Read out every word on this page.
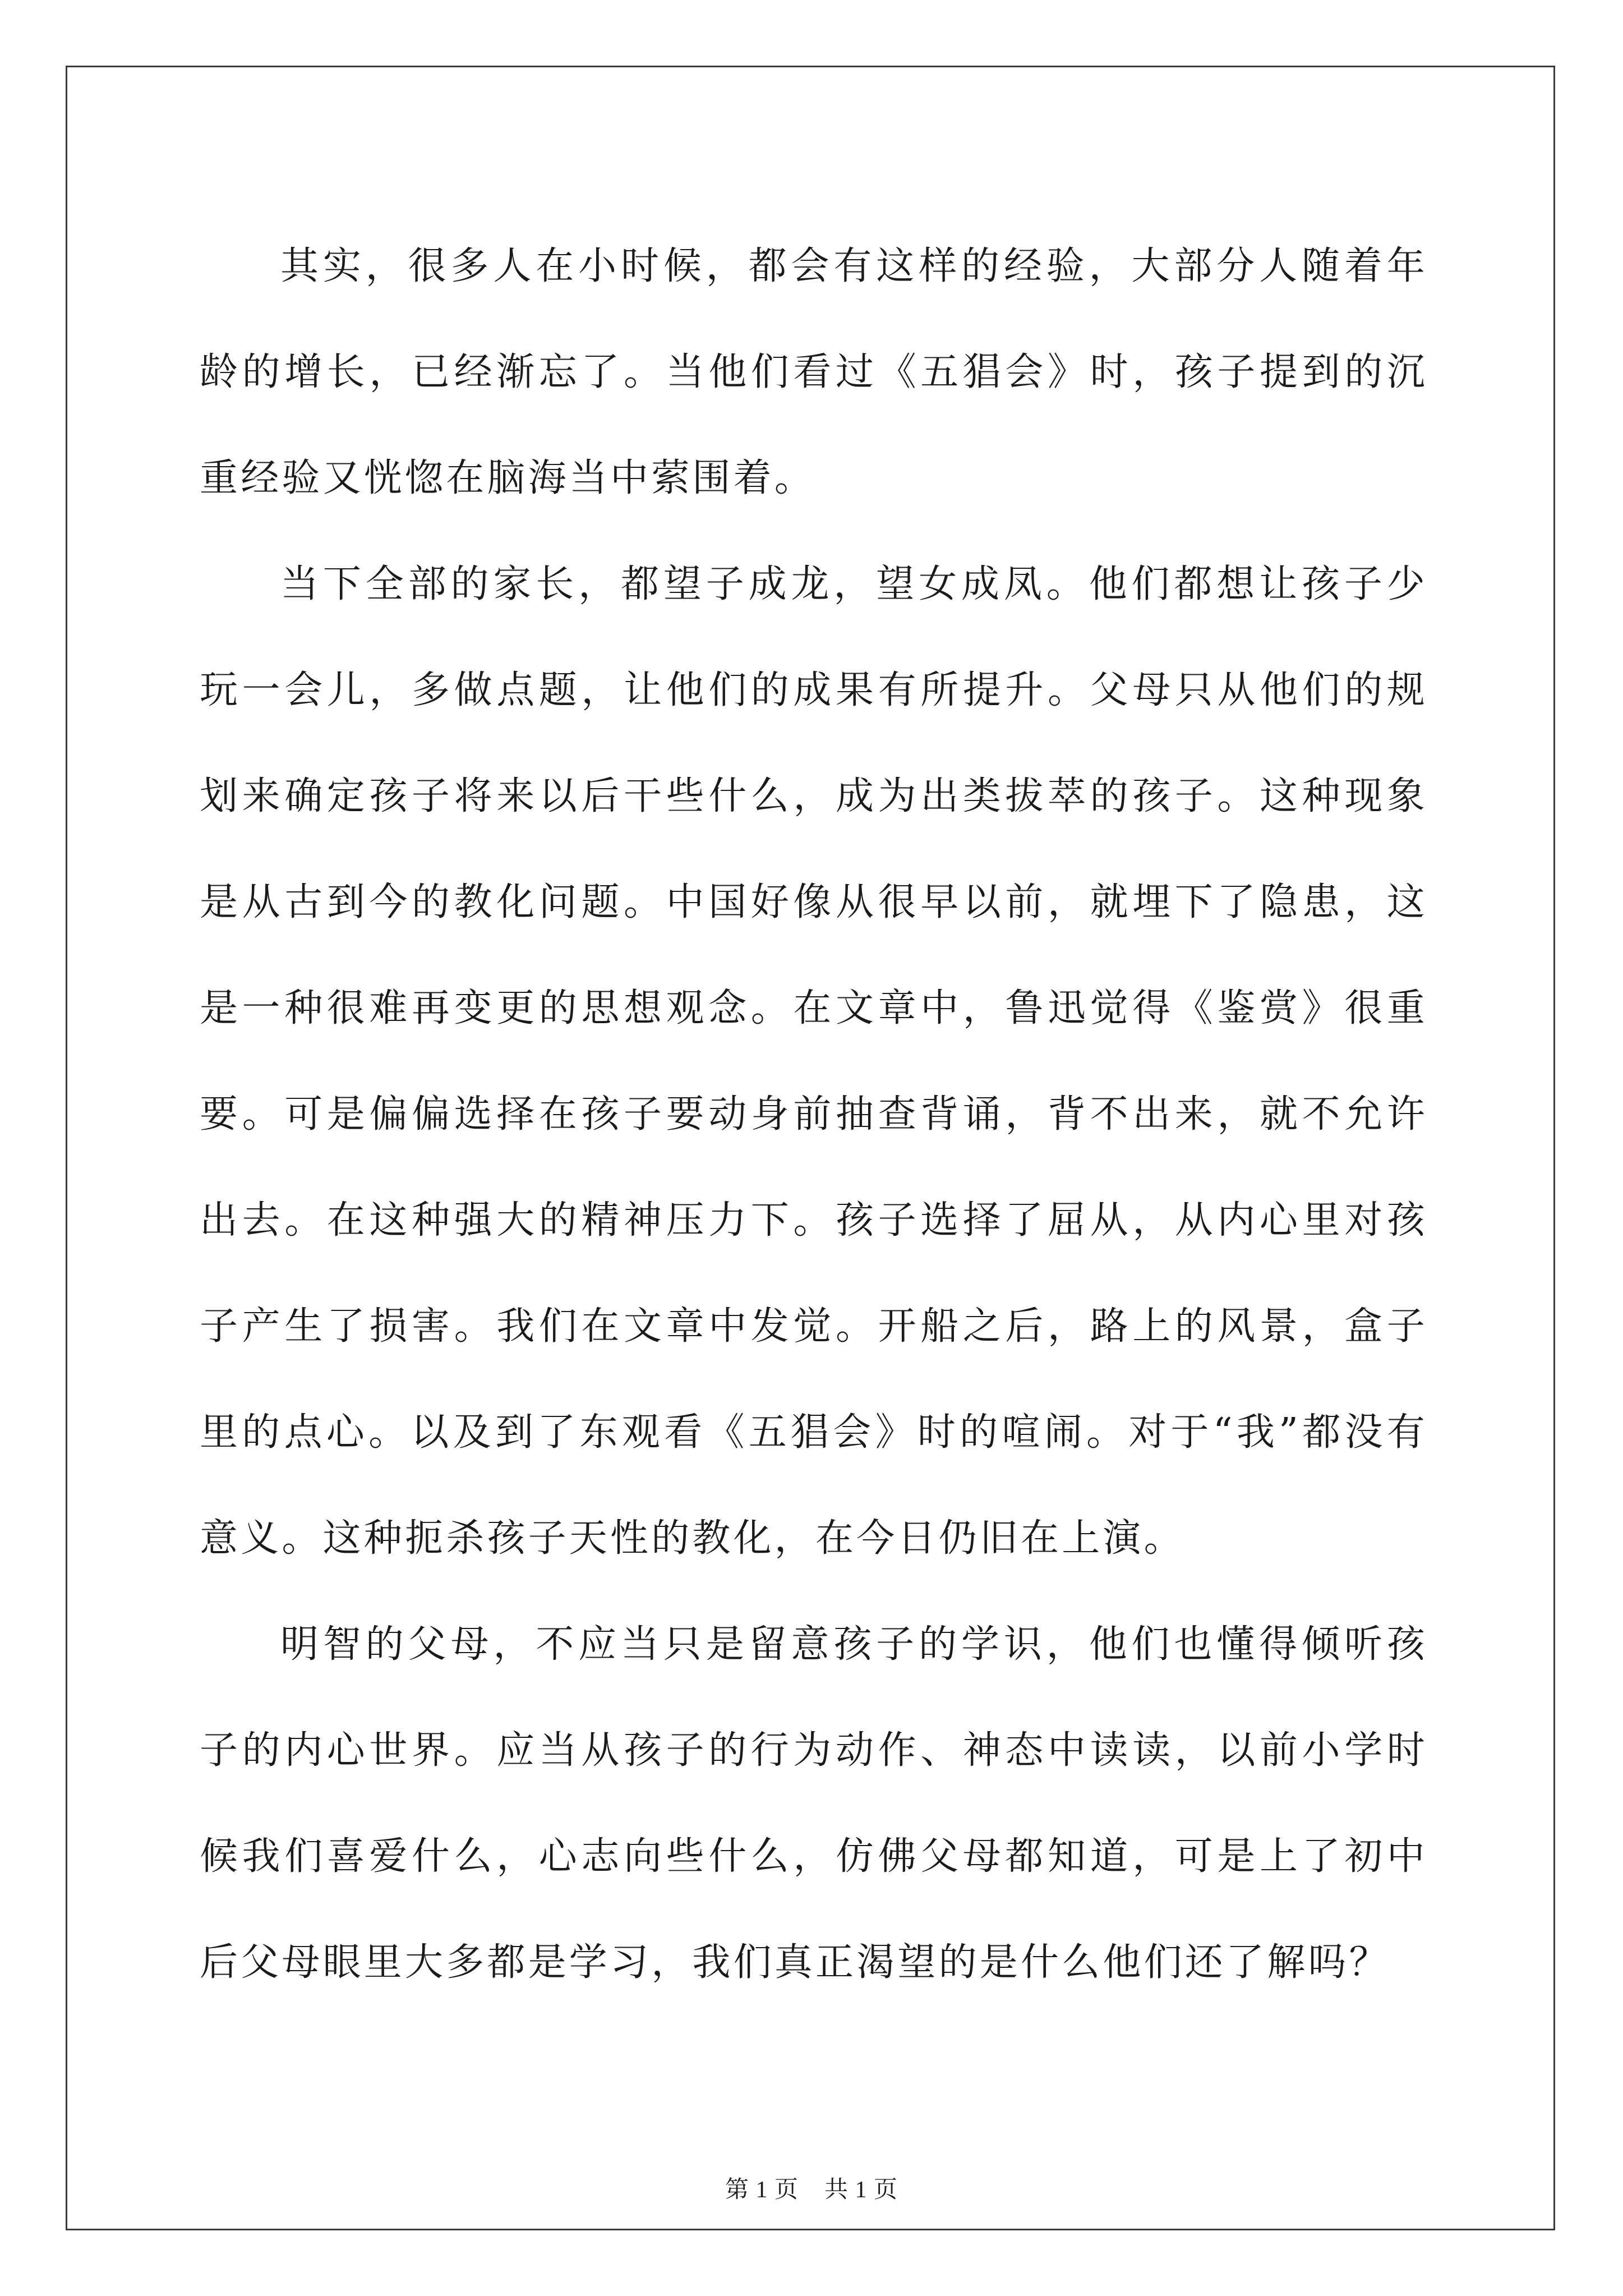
其实，很多人在小时候，都会有这样的经验，大部分人随着年龄的增长，已经渐忘了。当他们看过《五猖会》时，孩子提到的沉重经验又恍惚在脑海当中萦围着。

当下全部的家长，都望子成龙，望女成凤。他们都想让孩子少玩一会儿，多做点题，让他们的成果有所提升。父母只从他们的规划来确定孩子将来以后干些什么，成为出类拔萃的孩子。这种现象是从古到今的教化问题。中国好像从很早以前，就埋下了隐患，这是一种很难再变更的思想观念。在文章中，鲁迅觉得《鉴赏》很重要。可是偏偏选择在孩子要动身前抽查背诵，背不出来，就不允许出去。在这种强大的精神压力下。孩子选择了屈从，从内心里对孩子产生了损害。我们在文章中发觉。开船之后，路上的风景，盒子里的点心。以及到了东观看《五猖会》时的喧闹。对于“我”都没有意义。这种扼杀孩子天性的教化，在今日仍旧在上演。

明智的父母，不应当只是留意孩子的学识，他们也懂得倾听孩子的内心世界。应当从孩子的行为动作、神态中读读，以前小学时候我们喜爱什么，心志向些什么，仿佛父母都知道，可是上了初中后父母眼里大多都是学习，我们真正渴望的是什么他们还了解吗？

第 1 页 共 1 页
